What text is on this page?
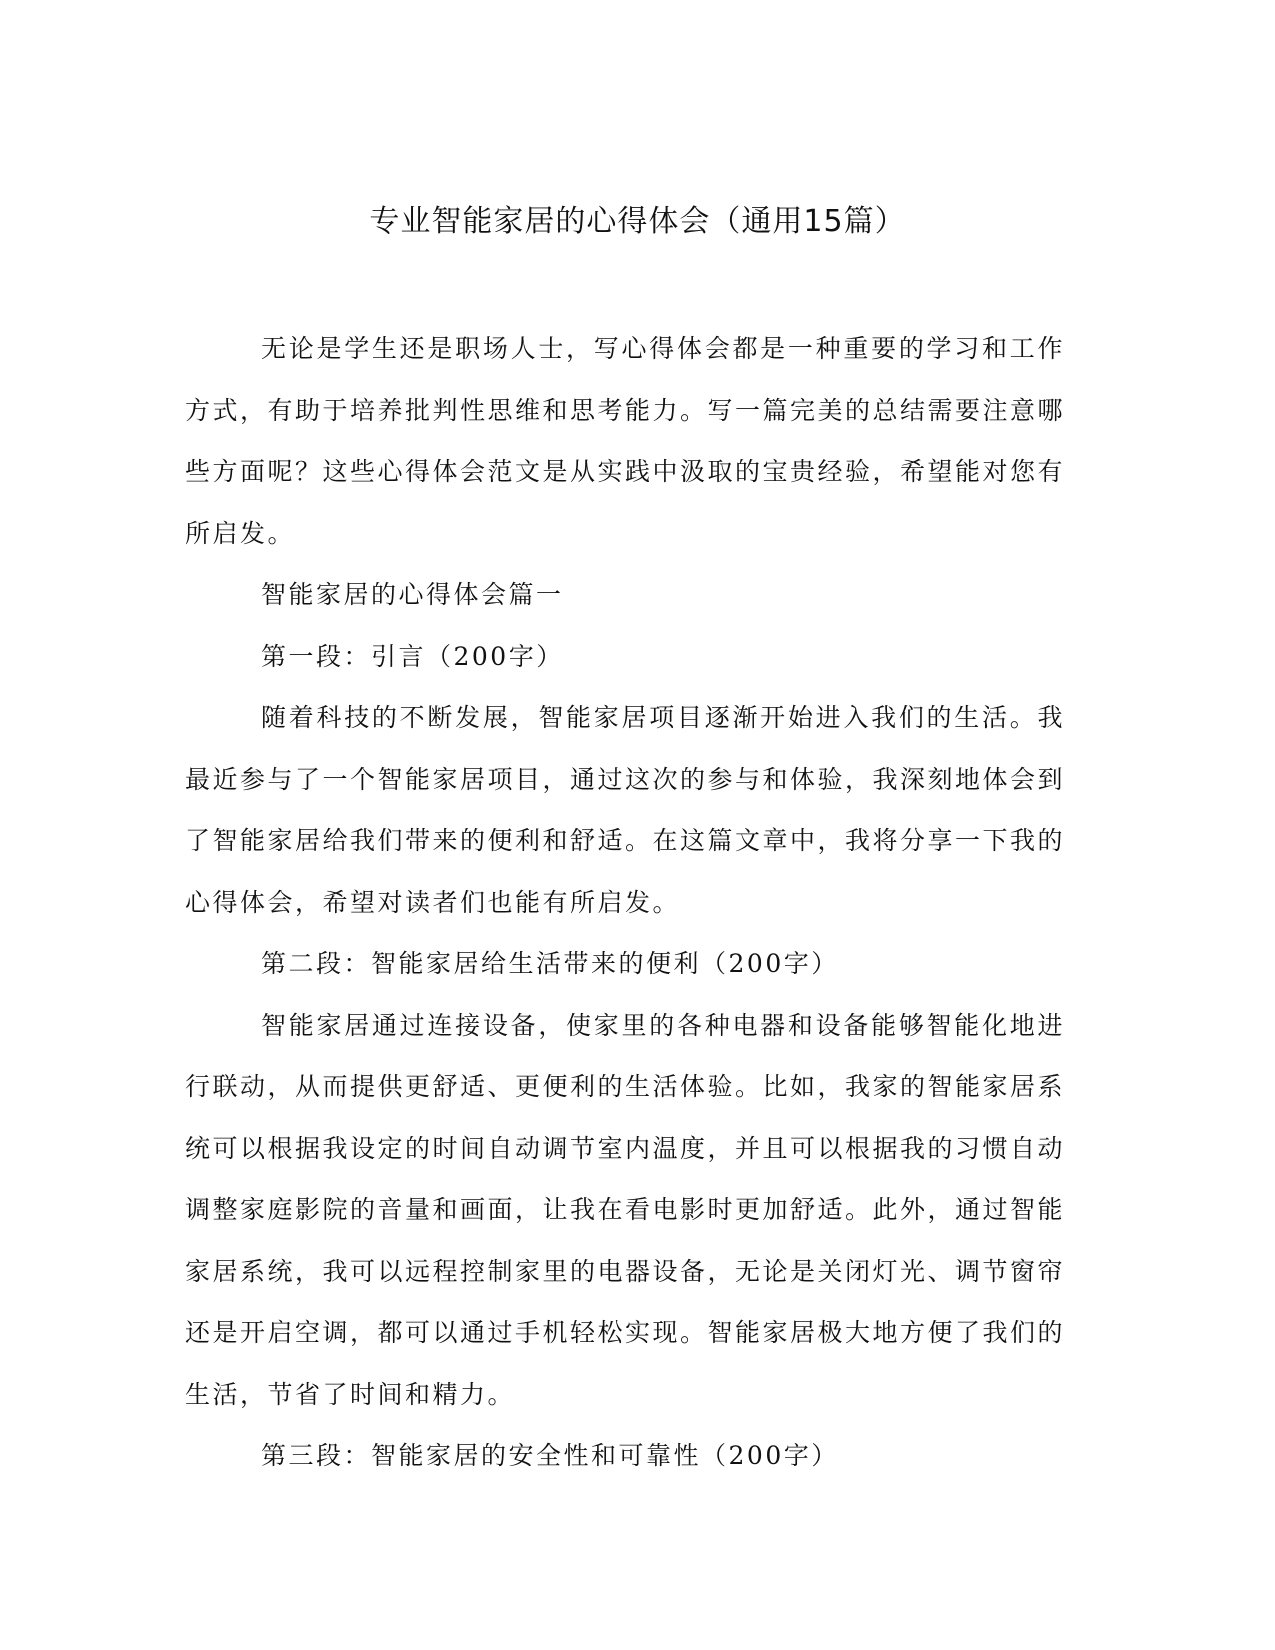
专业智能家居的心得体会（通用15篇）

无论是学生还是职场人士，写心得体会都是一种重要的学习和工作方式，有助于培养批判性思维和思考能力。写一篇完美的总结需要注意哪些方面呢？这些心得体会范文是从实践中汲取的宝贵经验，希望能对您有所启发。

智能家居的心得体会篇一

第一段：引言（200字）

随着科技的不断发展，智能家居项目逐渐开始进入我们的生活。我最近参与了一个智能家居项目，通过这次的参与和体验，我深刻地体会到了智能家居给我们带来的便利和舒适。在这篇文章中，我将分享一下我的心得体会，希望对读者们也能有所启发。

第二段：智能家居给生活带来的便利（200字）

智能家居通过连接设备，使家里的各种电器和设备能够智能化地进行联动，从而提供更舒适、更便利的生活体验。比如，我家的智能家居系统可以根据我设定的时间自动调节室内温度，并且可以根据我的习惯自动调整家庭影院的音量和画面，让我在看电影时更加舒适。此外，通过智能家居系统，我可以远程控制家里的电器设备，无论是关闭灯光、调节窗帘还是开启空调，都可以通过手机轻松实现。智能家居极大地方便了我们的生活，节省了时间和精力。

第三段：智能家居的安全性和可靠性（200字）
